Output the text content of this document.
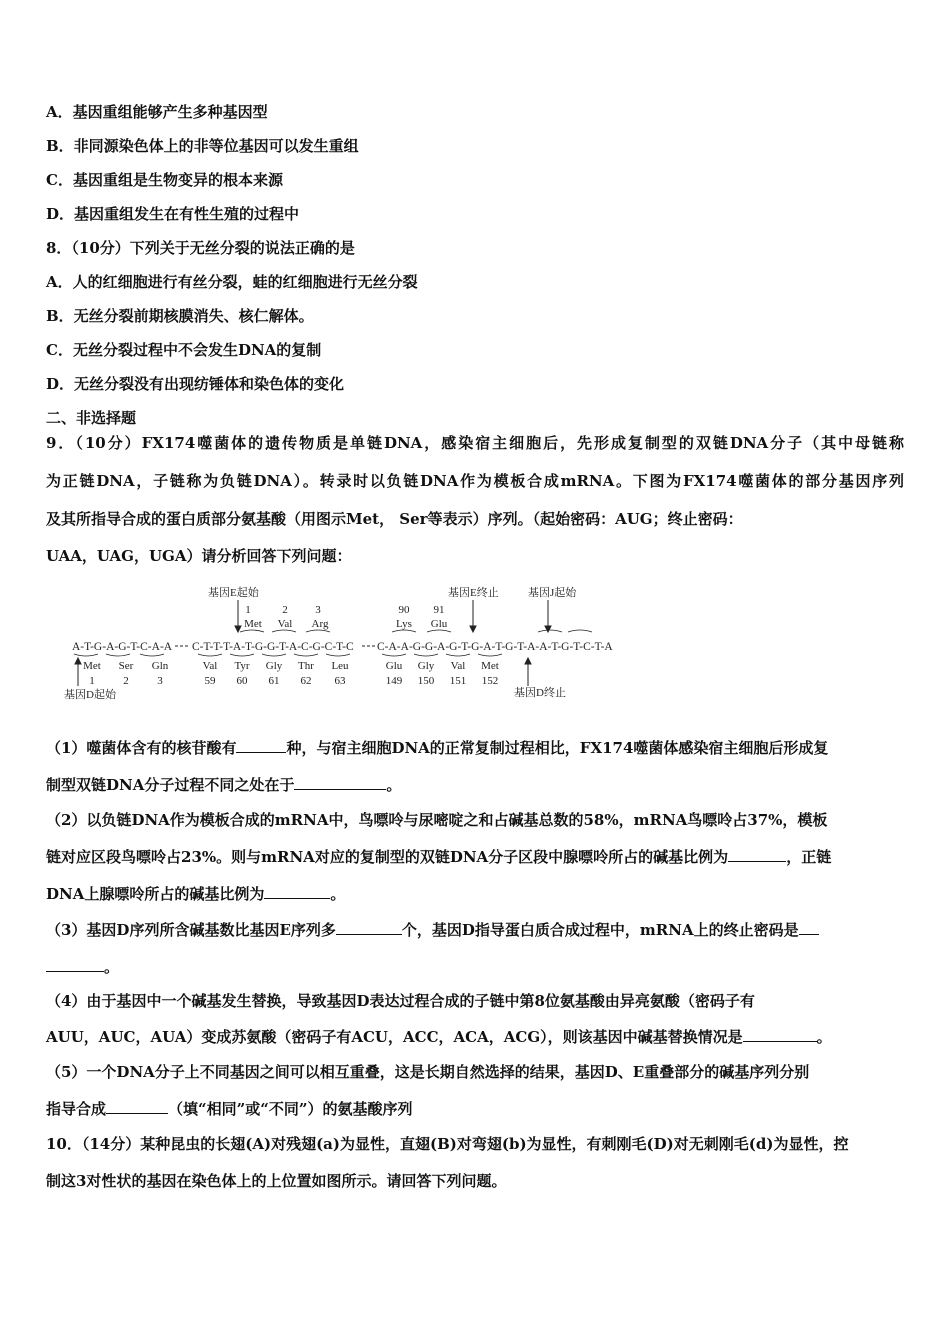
A．基因重组能够产生多种基因型
B．非同源染色体上的非等位基因可以发生重组
C．基因重组是生物变异的根本来源
D．基因重组发生在有性生殖的过程中
8．（10分）下列关于无丝分裂的说法正确的是
A．人的红细胞进行有丝分裂，蛙的红细胞进行无丝分裂
B．无丝分裂前期核膜消失、核仁解体。
C．无丝分裂过程中不会发生DNA的复制
D．无丝分裂没有出现纺锤体和染色体的变化
二、非选择题
9．（10分）FX174噬菌体的遗传物质是单链DNA，感染宿主细胞后，先形成复制型的双链DNA分子（其中母链称
为正链DNA，子链称为负链DNA）。转录时以负链DNA作为模板合成mRNA。下图为FX174噬菌体的部分基因序列
及其所指导合成的蛋白质部分氨基酸（用图示Met， Ser等表示）序列。（起始密码：AUG；终止密码：
UAA，UAG，UGA）请分析回答下列问题：
基因E起始	基因E终止	基因J起始
1	2	3	90 91
Met Val Arg	Lys Glu
A-T-G-A-G-T-C-A-A C-T-T-T-A-T-G-G-T-A-C-G-C-T-C C-A-A-G-G-A-G-T-G-A-T-G-T-A-A-T-G-T-C-T-A
Met Ser Gln	Val Tyr Gly Thr Leu	Glu Gly Val Met
1	2	3	59 60 61 62 63	149 150 151 152
基因D起始	基因D终止
（1）噬菌体含有的核苷酸有	种，与宿主细胞DNA的正常复制过程相比，FX174噬菌体感染宿主细胞后形成复
制型双链DNA分子过程不同之处在于	。
（2）以负链DNA作为模板合成的mRNA中，鸟嘌呤与尿嘧啶之和占碱基总数的58%，mRNA鸟嘌呤占37%，模板
链对应区段鸟嘌呤占23%。则与mRNA对应的复制型的双链DNA分子区段中腺嘌呤所占的碱基比例为	，正链
DNA上腺嘌呤所占的碱基比例为	。
（3）基因D序列所含碱基数比基因E序列多	个，基因D指导蛋白质合成过程中，mRNA上的终止密码是
。
（4）由于基因中一个碱基发生替换，导致基因D表达过程合成的子链中第8位氨基酸由异亮氨酸（密码子有
AUU，AUC，AUA）变成苏氨酸（密码子有ACU，ACC，ACA，ACG），则该基因中碱基替换情况是	。
（5）一个DNA分子上不同基因之间可以相互重叠，这是长期自然选择的结果，基因D、E重叠部分的碱基序列分别
指导合成	（填“相同”或“不同”）的氨基酸序列
10．（14分）某种昆虫的长翅(A)对残翅(a)为显性，直翅(B)对弯翅(b)为显性，有刺刚毛(D)对无刺刚毛(d)为显性，控
制这3对性状的基因在染色体上的上位置如图所示。请回答下列问题。
